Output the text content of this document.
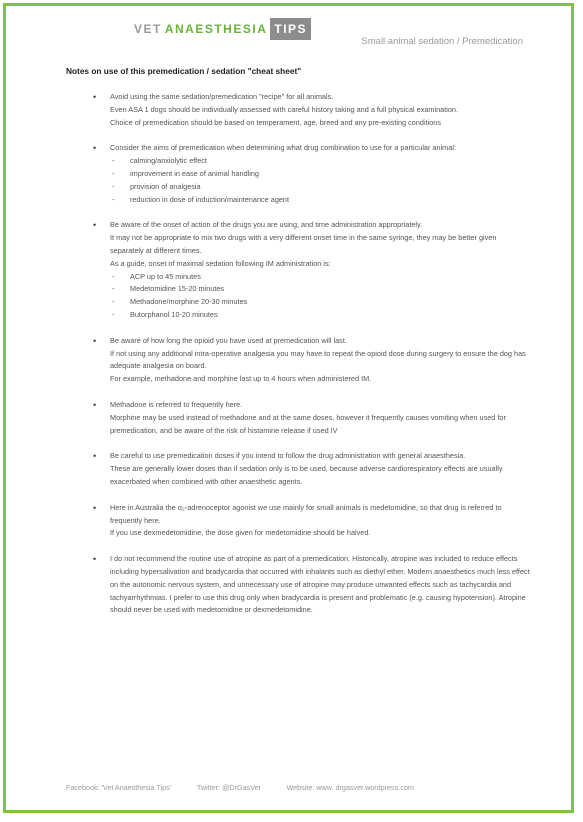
VET ANAESTHESIA TIPS
Small animal sedation / Premedication
Notes on use of this premedication / sedation "cheat sheet"
• Avoid using the same sedation/premedication "recipe" for all animals.
Even ASA 1 dogs should be individually assessed with careful history taking and a full physical examination.
Choice of premedication should be based on temperament, age, breed and any pre-existing conditions
• Consider the aims of premedication when determining what drug combination to use for a particular animal:
- calming/anxiolytic effect
- improvement in ease of animal handling
- provision of analgesia
- reduction in dose of induction/maintenance agent
• Be aware of the onset of action of the drugs you are using, and time administration appropriately.
It may not be appropriate to mix two drugs with a very different onset time in the same syringe, they may be better given separately at different times.
As a guide, onset of maximal sedation following IM administration is:
- ACP up to 45 minutes
- Medetomidine 15-20 minutes
- Methadone/morphine 20-30 minutes
- Butorphanol 10-20 minutes
• Be aware of how long the opioid you have used at premedication will last.
If not using any additional intra-operative analgesia you may have to repeat the opioid dose during surgery to ensure the dog has adequate analgesia on board.
For example, methadone and morphine last up to 4 hours when administered IM.
• Methadone is referred to frequently here.
Morphine may be used instead of methadone and at the same doses, however it frequently causes vomiting when used for premedication, and be aware of the risk of histamine release if used IV
• Be careful to use premedication doses if you intend to follow the drug administration with general anaesthesia.
These are generally lower doses than if sedation only is to be used, because adverse cardiorespiratory effects are usually exacerbated when combined with other anaesthetic agents.
• Here in Australia the α₂-adrenoceptor agonist we use mainly for small animals is medetomidine, so that drug is referred to frequently here.
If you use dexmedetomidine, the dose given for medetomidine should be halved.
• I do not recommend the routine use of atropine as part of a premedication. Historically, atropine was included to reduce effects including hypersalivation and bradycardia that occurred with inhalants such as diethyl ether. Modern anaesthetics much less effect on the autonomic nervous system, and unnecessary use of atropine may produce unwanted effects such as tachycardia and tachyarrhythmias. I prefer to use this drug only when bradycardia is present and problematic (e.g. causing hypotension). Atropine should never be used with medetomidine or dexmedetomidine.
Facebook: 'Vet Anaesthesia Tips'	Twitter: @DrGasVet	Website: www. drgasvet.wordpress.com
